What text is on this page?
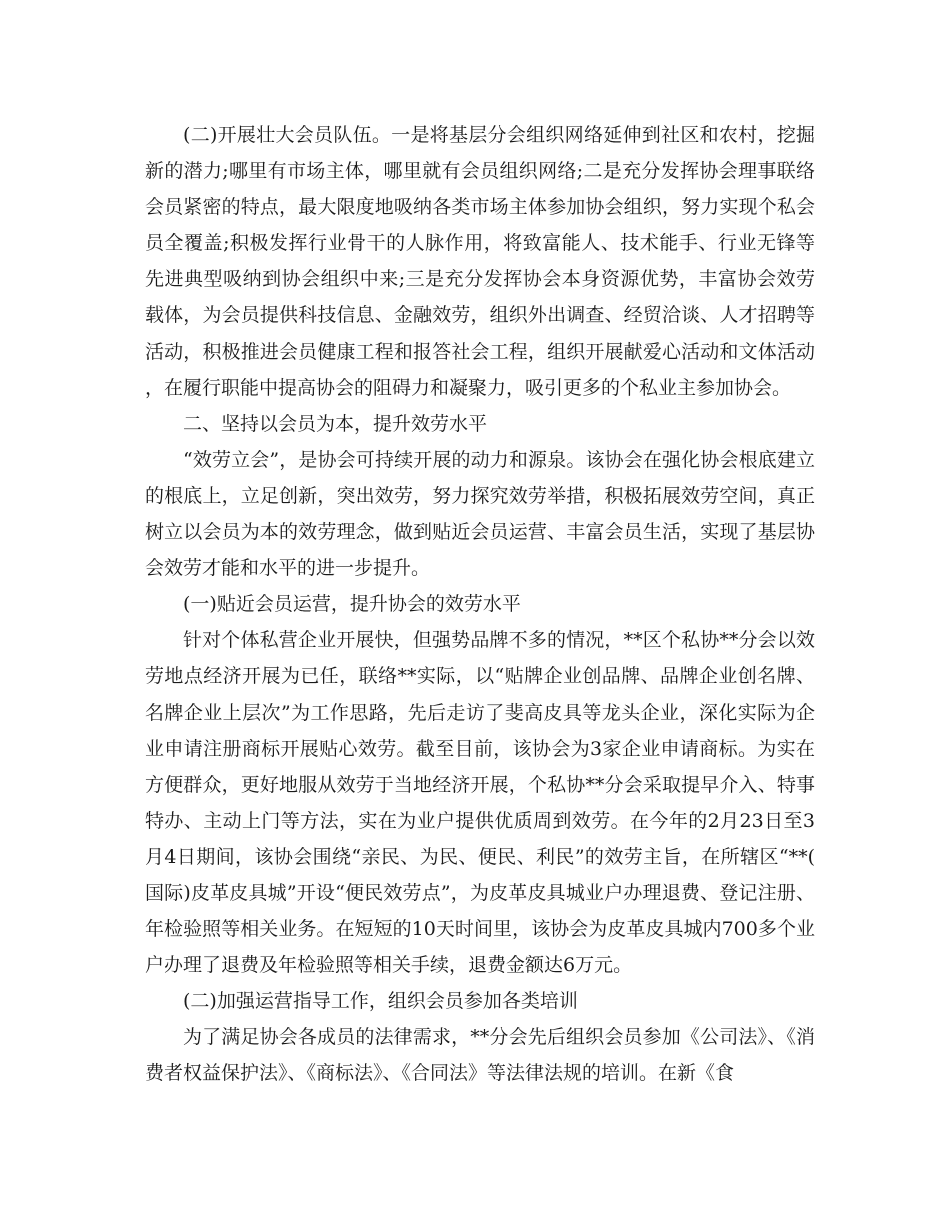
(二)开展壮大会员队伍。一是将基层分会组织网络延伸到社区和农村，挖掘新的潜力;哪里有市场主体，哪里就有会员组织网络;二是充分发挥协会理事联络会员紧密的特点，最大限度地吸纳各类市场主体参加协会组织，努力实现个私会员全覆盖;积极发挥行业骨干的人脉作用，将致富能人、技术能手、行业无锋等先进典型吸纳到协会组织中来;三是充分发挥协会本身资源优势，丰富协会效劳载体，为会员提供科技信息、金融效劳，组织外出调查、经贸洽谈、人才招聘等活动，积极推进会员健康工程和报答社会工程，组织开展献爱心活动和文体活动，在履行职能中提高协会的阻碍力和凝聚力，吸引更多的个私业主参加协会。

二、坚持以会员为本，提升效劳水平

“效劳立会”，是协会可持续开展的动力和源泉。该协会在强化协会根底建立的根底上，立足创新，突出效劳，努力探究效劳举措，积极拓展效劳空间，真正树立以会员为本的效劳理念，做到贴近会员运营、丰富会员生活，实现了基层协会效劳才能和水平的进一步提升。

(一)贴近会员运营，提升协会的效劳水平

针对个体私营企业开展快，但强势品牌不多的情况，**区个私协**分会以效劳地点经济开展为已任，联络**实际，以“贴牌企业创品牌、品牌企业创名牌、名牌企业上层次”为工作思路，先后走访了斐高皮具等龙头企业，深化实际为企业申请注册商标开展贴心效劳。截至目前，该协会为3家企业申请商标。为实在方便群众，更好地服从效劳于当地经济开展，个私协**分会采取提早介入、特事特办、主动上门等方法，实在为业户提供优质周到效劳。在今年的2月23日至3月4日期间，该协会围绕“亲民、为民、便民、利民”的效劳主旨，在所辖区“**(国际)皮革皮具城”开设“便民效劳点”，为皮革皮具城业户办理退费、登记注册、年检验照等相关业务。在短短的10天时间里，该协会为皮革皮具城内700多个业户办理了退费及年检验照等相关手续，退费金额达6万元。

(二)加强运营指导工作，组织会员参加各类培训

为了满足协会各成员的法律需求，**分会先后组织会员参加《公司法》、《消费者权益保护法》、《商标法》、《合同法》等法律法规的培训。在新《食
